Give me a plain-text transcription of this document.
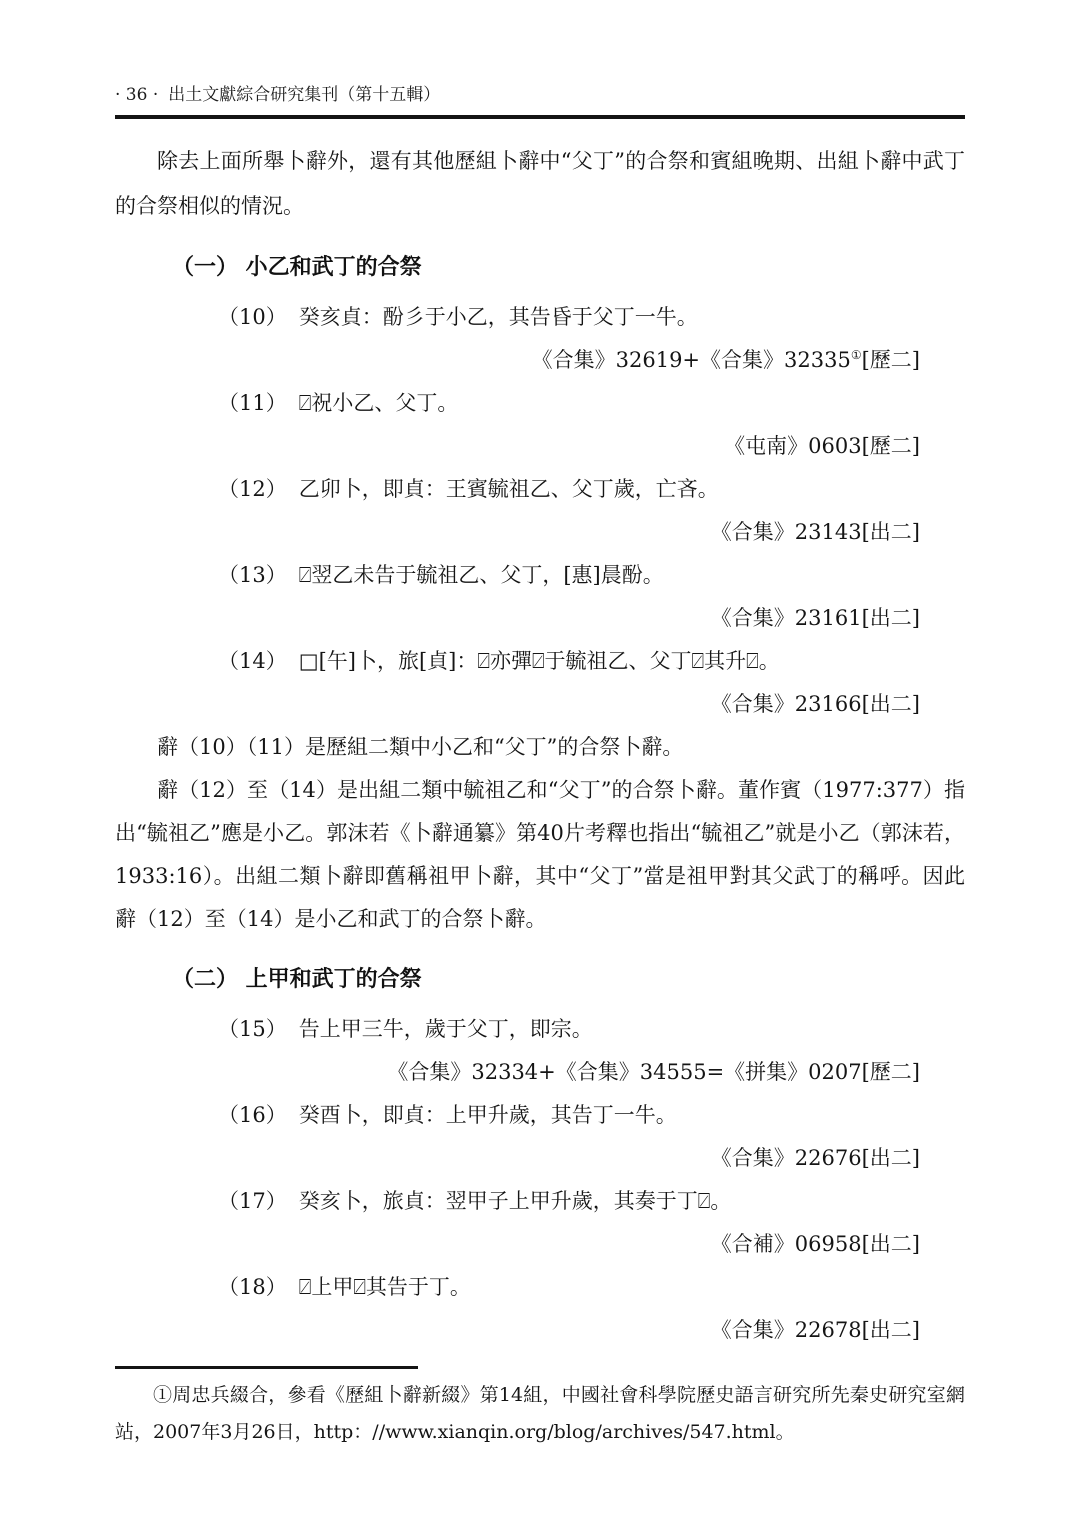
· 36 · 出土文獻綜合研究集刊（第十五輯）

除去上面所舉卜辭外，還有其他歷組卜辭中“父丁”的合祭和賓組晚期、出組卜辭中武丁的合祭相似的情況。

（一） 小乙和武丁的合祭
（10） 癸亥貞：酚彡于小乙，其告昏于父丁一牛。
《合集》32619+《合集》32335①[歷二]
（11） ⍁祝小乙、父丁。
《屯南》0603[歷二]
（12） 乙卯卜，即貞：王賓毓祖乙、父丁歲，亡吝。
《合集》23143[出二]
（13） ⍁翌乙未告于毓祖乙、父丁，[惠]晨酚。
《合集》23161[出二]
（14） □[午]卜，旅[貞]：⍁亦彈⍁于毓祖乙、父丁⍁其升⍁。
《合集》23166[出二]

辭（10）（11）是歷組二類中小乙和“父丁”的合祭卜辭。

辭（12）至（14）是出組二類中毓祖乙和“父丁”的合祭卜辭。董作賓（1977:377）指出“毓祖乙”應是小乙。郭沫若《卜辭通纂》第40片考釋也指出“毓祖乙”就是小乙（郭沫若，1933:16）。出組二類卜辭即舊稱祖甲卜辭，其中“父丁”當是祖甲對其父武丁的稱呼。因此辭（12）至（14）是小乙和武丁的合祭卜辭。

（二） 上甲和武丁的合祭
（15） 告上甲三牛，歲于父丁，即宗。
《合集》32334+《合集》34555=《拼集》0207[歷二]
（16） 癸酉卜，即貞：上甲升歲，其告丁一牛。
《合集》22676[出二]
（17） 癸亥卜，旅貞：翌甲子上甲升歲，其奏于丁⍁。
《合補》06958[出二]
（18） ⍁上甲⍁其告于丁。
《合集》22678[出二]

①周忠兵綴合，參看《歷組卜辭新綴》第14組，中國社會科學院歷史語言研究所先秦史研究室網站，2007年3月26日，http：//www.xianqin.org/blog/archives/547.html。
